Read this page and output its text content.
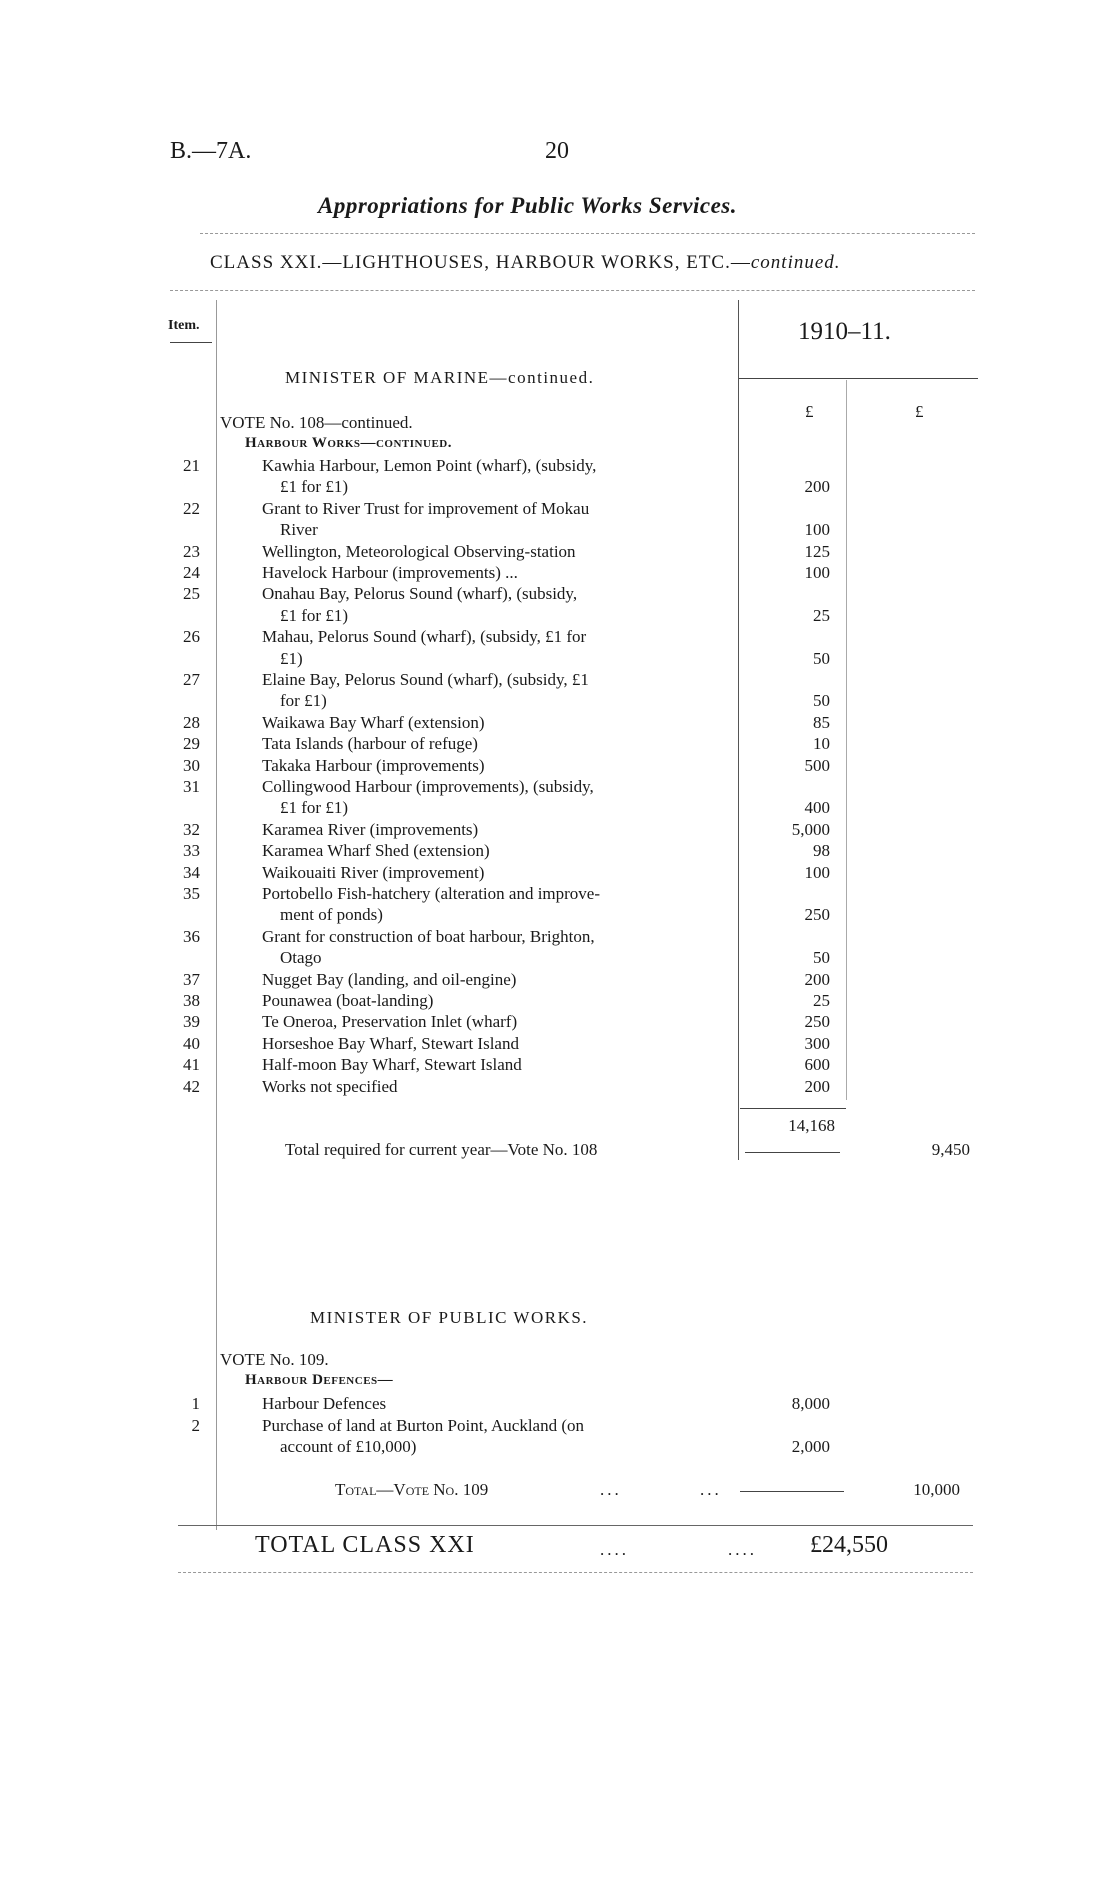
B.—7A.	20
Appropriations for Public Works Services.
CLASS XXI.—LIGHTHOUSES, HARBOUR WORKS, ETC.—continued.
Item.	1910–11.
£	£
MINISTER OF MARINE—continued.
VOTE No. 108—continued.
Harbour Works—continued.
21	Kawhia Harbour, Lemon Point (wharf), (subsidy,
£1 for £1)	200
22	Grant to River Trust for improvement of Mokau
River	100
23	Wellington, Meteorological Observing-station	125
24	Havelock Harbour (improvements) ...	100
25	Onahau Bay, Pelorus Sound (wharf), (subsidy,
£1 for £1)	25
26	Mahau, Pelorus Sound (wharf), (subsidy, £1 for
£1)	50
27	Elaine Bay, Pelorus Sound (wharf), (subsidy, £1
for £1)	50
28	Waikawa Bay Wharf (extension)	85
29	Tata Islands (harbour of refuge)	10
30	Takaka Harbour (improvements)	500
31	Collingwood Harbour (improvements), (subsidy,
£1 for £1)	400
32	Karamea River (improvements)	5,000
33	Karamea Wharf Shed (extension)	98
34	Waikouaiti River (improvement)	100
35	Portobello Fish-hatchery (alteration and improve-
ment of ponds)	250
36	Grant for construction of boat harbour, Brighton,
Otago	50
37	Nugget Bay (landing, and oil-engine)	200
38	Pounawea (boat-landing)	25
39	Te Oneroa, Preservation Inlet (wharf)	250
40	Horseshoe Bay Wharf, Stewart Island	300
41	Half-moon Bay Wharf, Stewart Island	600
42	Works not specified	200
14,168
Total required for current year—Vote No. 108	9,450
MINISTER OF PUBLIC WORKS.
VOTE No. 109.
Harbour Defences—
1	Harbour Defences	8,000
2	Purchase of land at Burton Point, Auckland (on
account of £10,000)	2,000
Total—Vote No. 109	...	...	10,000
TOTAL CLASS XXI	....	.... £24,550
